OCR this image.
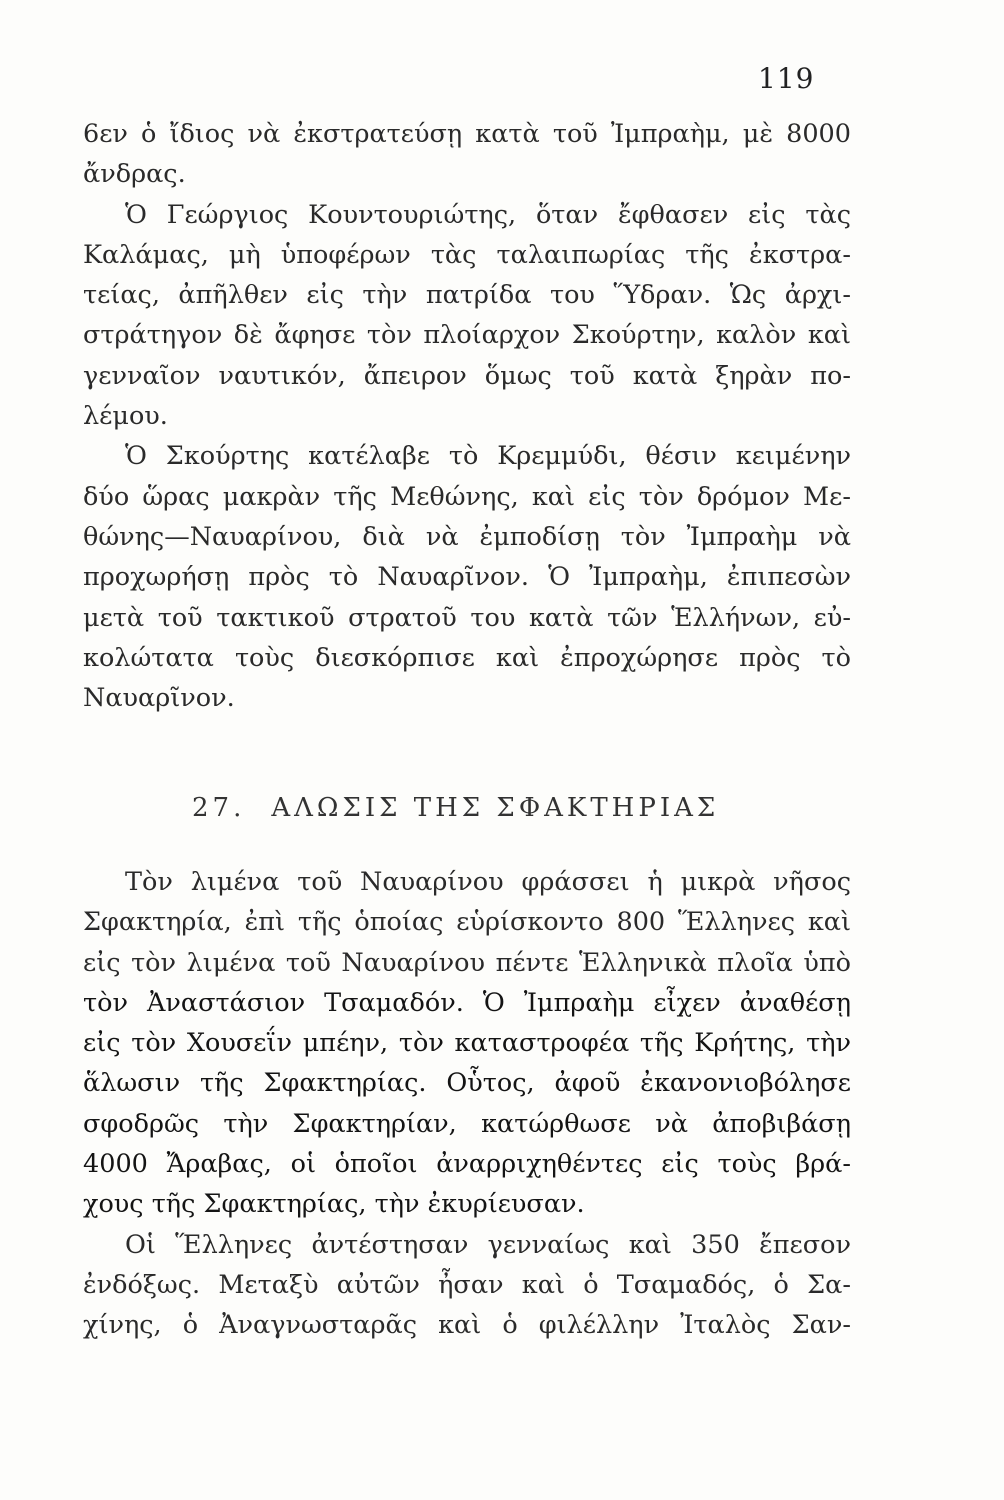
119
6εν ὁ ἴδιος νὰ ἐκστρατεύσῃ κατὰ τοῦ Ἰμπραὴμ, μὲ 8000
ἄνδρας.
Ὁ Γεώργιος Κουντουριώτης, ὅταν ἔφθασεν εἰς τὰς
Καλάμας, μὴ ὑποφέρων τὰς ταλαιπωρίας τῆς ἐκστρα-
τείας, ἀπῆλθεν εἰς τὴν πατρίδα του Ὕδραν. Ὡς ἀρχι-
στράτηγον δὲ ἄφησε τὸν πλοίαρχον Σκούρτην, καλὸν καὶ
γενναῖον ναυτικόν, ἄπειρον ὅμως τοῦ κατὰ ξηρὰν πο-
λέμου.
Ὁ Σκούρτης κατέλαβε τὸ Κρεμμύδι, θέσιν κειμένην
δύο ὥρας μακρὰν τῆς Μεθώνης, καὶ εἰς τὸν δρόμον Με-
θώνης—Ναυαρίνου, διὰ νὰ ἐμποδίσῃ τὸν Ἰμπραὴμ νὰ
προχωρήσῃ πρὸς τὸ Ναυαρῖνον. Ὁ Ἰμπραὴμ, ἐπιπεσὼν
μετὰ τοῦ τακτικοῦ στρατοῦ του κατὰ τῶν Ἑλλήνων, εὐ-
κολώτατα τοὺς διεσκόρπισε καὶ ἐπροχώρησε πρὸς τὸ
Ναυαρῖνον.
27. ΑΛΩΣΙΣ ΤΗΣ ΣΦΑΚΤΗΡΙΑΣ
Τὸν λιμένα τοῦ Ναυαρίνου φράσσει ἡ μικρὰ νῆσος
Σφακτηρία, ἐπὶ τῆς ὁποίας εὑρίσκοντο 800 Ἕλληνες καὶ
εἰς τὸν λιμένα τοῦ Ναυαρίνου πέντε Ἑλληνικὰ πλοῖα ὑπὸ
τὸν Ἀναστάσιον Τσαμαδόν. Ὁ Ἰμπραὴμ εἶχεν ἀναθέσῃ
εἰς τὸν Χουσεΐν μπέην, τὸν καταστροφέα τῆς Κρήτης, τὴν
ἅλωσιν τῆς Σφακτηρίας. Οὗτος, ἀφοῦ ἐκανονιοβόλησε
σφοδρῶς τὴν Σφακτηρίαν, κατώρθωσε νὰ ἀποβιβάσῃ
4000 Ἄραβας, οἱ ὁποῖοι ἀναρριχηθέντες εἰς τοὺς βρά-
χους τῆς Σφακτηρίας, τὴν ἐκυρίευσαν.
Οἱ Ἕλληνες ἀντέστησαν γενναίως καὶ 350 ἔπεσον
ἐνδόξως. Μεταξὺ αὐτῶν ἦσαν καὶ ὁ Τσαμαδός, ὁ Σα-
χίνης, ὁ Ἀναγνωσταρᾶς καὶ ὁ φιλέλλην Ἰταλὸς Σαν-
